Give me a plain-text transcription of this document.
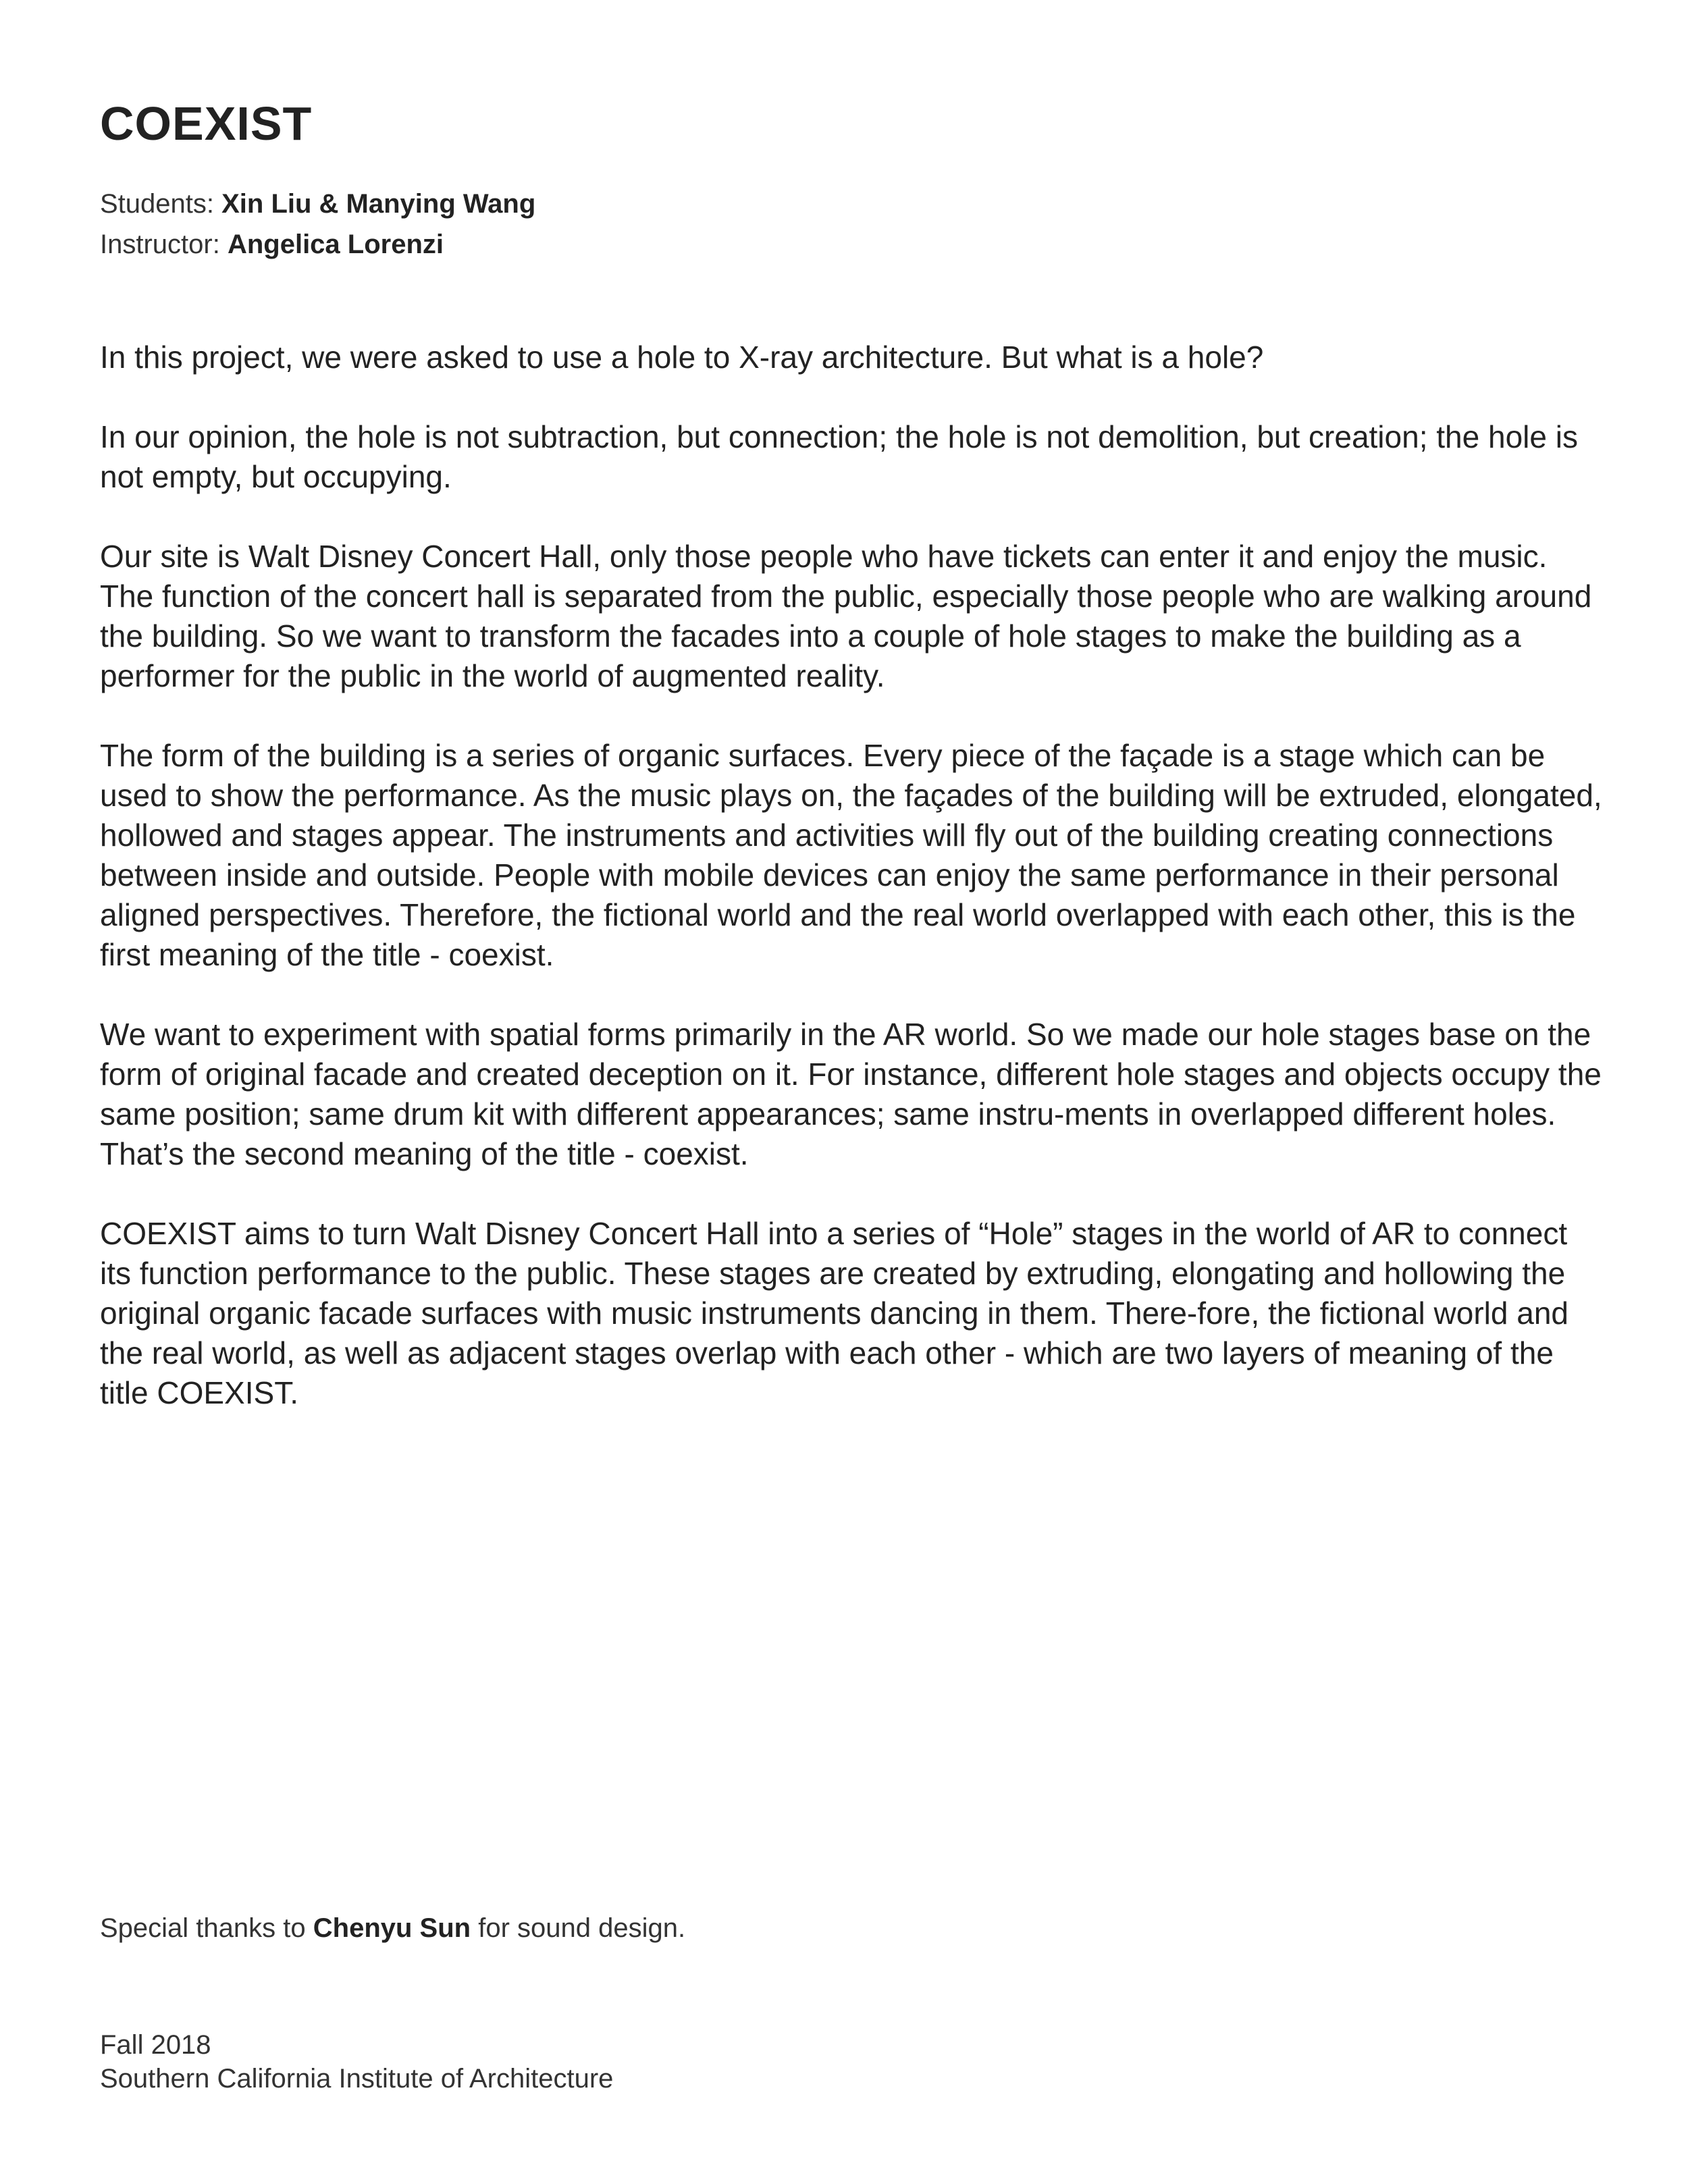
COEXIST
Students: Xin Liu & Manying Wang
Instructor: Angelica Lorenzi

In this project, we were asked to use a hole to X-ray architecture. But what is a hole?

In our opinion, the hole is not subtraction, but connection; the hole is not demolition, but creation; the hole is not empty, but occupying.

Our site is Walt Disney Concert Hall, only those people who have tickets can enter it and enjoy the music. The function of the concert hall is separated from the public, especially those people who are walking around the building. So we want to transform the facades into a couple of hole stages to make the building as a performer for the public in the world of augmented reality.

The form of the building is a series of organic surfaces. Every piece of the façade is a stage which can be used to show the performance. As the music plays on, the façades of the building will be extruded, elongated, hollowed and stages appear. The instruments and activities will fly out of the building creating connections between inside and outside. People with mobile devices can enjoy the same performance in their personal aligned perspectives. Therefore, the fictional world and the real world overlapped with each other, this is the first meaning of the title - coexist.

We want to experiment with spatial forms primarily in the AR world. So we made our hole stages base on the form of original facade and created deception on it. For instance, different hole stages and objects occupy the same position; same drum kit with different appearances; same instru-ments in overlapped different holes. That’s the second meaning of the title - coexist.

COEXIST aims to turn Walt Disney Concert Hall into a series of “Hole” stages in the world of AR to connect its function performance to the public. These stages are created by extruding, elongating and hollowing the original organic facade surfaces with music instruments dancing in them. There-fore, the fictional world and the real world, as well as adjacent stages overlap with each other - which are two layers of meaning of the title COEXIST.

Special thanks to Chenyu Sun for sound design.
Fall 2018
Southern California Institute of Architecture
